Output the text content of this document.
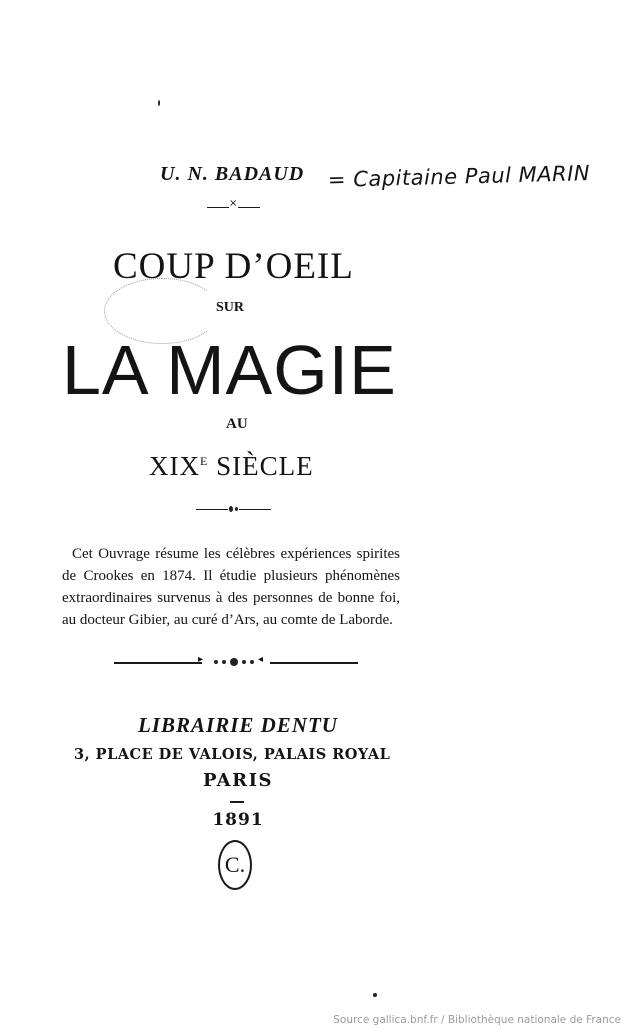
U. N. BADAUD = Capitaine Paul MARIN
×
COUP D’OEIL
SUR
LA MAGIE
AU
$XIX^E$ SIÈCLE
Cet Ouvrage résume les célèbres expériences spirites de Crookes en 1874. Il étudie plusieurs phénomènes extraordinaires survenus à des personnes de bonne foi, au docteur Gibier, au curé d’Ars, au comte de Laborde.
▸	◂
LIBRAIRIE DENTU
3, PLACE DE VALOIS, PALAIS ROYAL
PARIS
1891
C.
Source gallica.bnf.fr / Bibliothèque nationale de France
